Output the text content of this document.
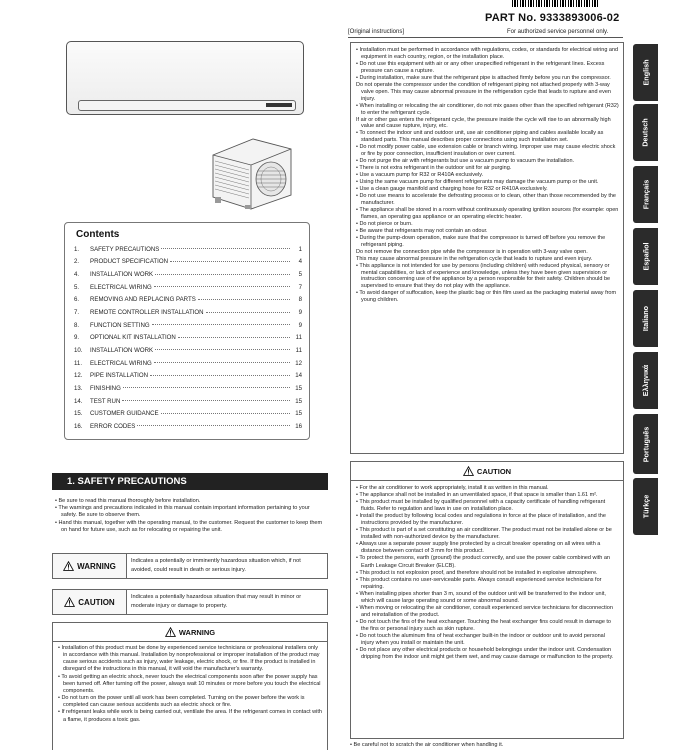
PART No. 9333893006-02
[Original instructions]	For authorized service personnel only.
Contents
1.	SAFETY PRECAUTIONS	1
2.	PRODUCT SPECIFICATION	4
4.	INSTALLATION WORK	5
5.	ELECTRICAL WIRING	7
6.	REMOVING AND REPLACING PARTS	8
7.	REMOTE CONTROLLER INSTALLATION	9
8.	FUNCTION SETTING	9
9.	OPTIONAL KIT INSTALLATION	11
10.	INSTALLATION WORK	11
11.	ELECTRICAL WIRING	12
12.	PIPE INSTALLATION	14
13.	FINISHING	15
14.	TEST RUN	15
15.	CUSTOMER GUIDANCE	15
16.	ERROR CODES	16
1. SAFETY PRECAUTIONS
• Be sure to read this manual thoroughly before installation.
• The warnings and precautions indicated in this manual contain important information pertaining to your safety. Be sure to observe them.
• Hand this manual, together with the operating manual, to the customer. Request the customer to keep them on hand for future use, such as for relocating or repairing the unit.
WARNING
Indicates a potentially or imminently hazardous situation which, if not avoided, could result in death or serious injury.
CAUTION
Indicates a potentially hazardous situation that may result in minor or moderate injury or damage to property.
WARNING
• Installation of this product must be done by experienced service technicians or professional installers only in accordance with this manual. Installation by nonprofessional or improper installation of the product may cause serious accidents such as injury, water leakage, electric shock, or fire. If the product is installed in disregard of the instructions in this manual, it will void the manufacturer's warranty.
• To avoid getting an electric shock, never touch the electrical components soon after the power supply has been turned off. After turning off the power, always wait 10 minutes or more before you touch the electrical components.
• Do not turn on the power until all work has been completed. Turning on the power before the work is completed can cause serious accidents such as electric shock or fire.
• If refrigerant leaks while work is being carried out, ventilate the area. If the refrigerant comes in contact with a flame, it produces a toxic gas.
• Installation must be performed in accordance with regulations, codes, or standards for electrical wiring and equipment in each country, region, or the installation place.
• Do not use this equipment with air or any other unspecified refrigerant in the refrigerant lines. Excess pressure can cause a rupture.
• During installation, make sure that the refrigerant pipe is attached firmly before you run the compressor.
Do not operate the compressor under the condition of refrigerant piping not attached properly with 3-way valve open. This may cause abnormal pressure in the refrigeration cycle that leads to rupture and even injury.
• When installing or relocating the air conditioner, do not mix gases other than the specified refrigerant (R32) to enter the refrigerant cycle.
If air or other gas enters the refrigerant cycle, the pressure inside the cycle will rise to an abnormally high value and cause rupture, injury, etc.
• To connect the indoor unit and outdoor unit, use air conditioner piping and cables available locally as standard parts. This manual describes proper connections using such installation set.
• Do not modify power cable, use extension cable or branch wiring. Improper use may cause electric shock or fire by poor connection, insufficient insulation or over current.
• Do not purge the air with refrigerants but use a vacuum pump to vacuum the installation.
• There is not extra refrigerant in the outdoor unit for air purging.
• Use a vacuum pump for R32 or R410A exclusively.
• Using the same vacuum pump for different refrigerants may damage the vacuum pump or the unit.
• Use a clean gauge manifold and charging hose for R32 or R410A exclusively.
• Do not use means to accelerate the defrosting process or to clean, other than those recommended by the manufacturer.
• The appliance shall be stored in a room without continuously operating ignition sources (for example: open flames, an operating gas appliance or an operating electric heater.
• Do not pierce or burn.
• Be aware that refrigerants may not contain an odour.
• During the pump-down operation, make sure that the compressor is turned off before you remove the refrigerant piping.
Do not remove the connection pipe while the compressor is in operation with 3-way valve open.
This may cause abnormal pressure in the refrigeration cycle that leads to rupture and even injury.
• This appliance is not intended for use by persons (including children) with reduced physical, sensory or mental capabilities, or lack of experience and knowledge, unless they have been given supervision or instruction concerning use of the appliance by a person responsible for their safety. Children should be supervised to ensure that they do not play with the appliance.
• To avoid danger of suffocation, keep the plastic bag or thin film used as the packaging material away from young children.
CAUTION
• For the air conditioner to work appropriately, install it as written in this manual.
• The appliance shall not be installed in an unventilated space, if that space is smaller than 1.61 m².
• This product must be installed by qualified personnel with a capacity certificate of handling refrigerant fluids. Refer to regulation and laws in use on installation place.
• Install the product by following local codes and regulations in force at the place of installation, and the instructions provided by the manufacturer.
• This product is part of a set constituting an air conditioner. The product must not be installed alone or be installed with non-authorized device by the manufacturer.
• Always use a separate power supply line protected by a circuit breaker operating on all wires with a distance between contact of 3 mm for this product.
• To protect the persons, earth (ground) the product correctly, and use the power cable combined with an Earth Leakage Circuit Breaker (ELCB).
• This product is not explosion proof, and therefore should not be installed in explosive atmosphere.
• This product contains no user-serviceable parts. Always consult experienced service technicians for repairing.
• When installing pipes shorter than 3 m, sound of the outdoor unit will be transferred to the indoor unit, which will cause large operating sound or some abnormal sound.
• When moving or relocating the air conditioner, consult experienced service technicians for disconnection and reinstallation of the product.
• Do not touch the fins of the heat exchanger. Touching the heat exchanger fins could result in damage to the fins or personal injury such as skin rupture.
• Do not touch the aluminum fins of heat exchanger built-in the indoor or outdoor unit to avoid personal injury when you install or maintain the unit.
• Do not place any other electrical products or household belongings under the indoor unit. Condensation dripping from the indoor unit might get them wet, and may cause damage or malfunction to the property.
• Be careful not to scratch the air conditioner when handling it.
English
Deutsch
Français
Español
Italiano
Ελληνικά
Português
Türkçe
